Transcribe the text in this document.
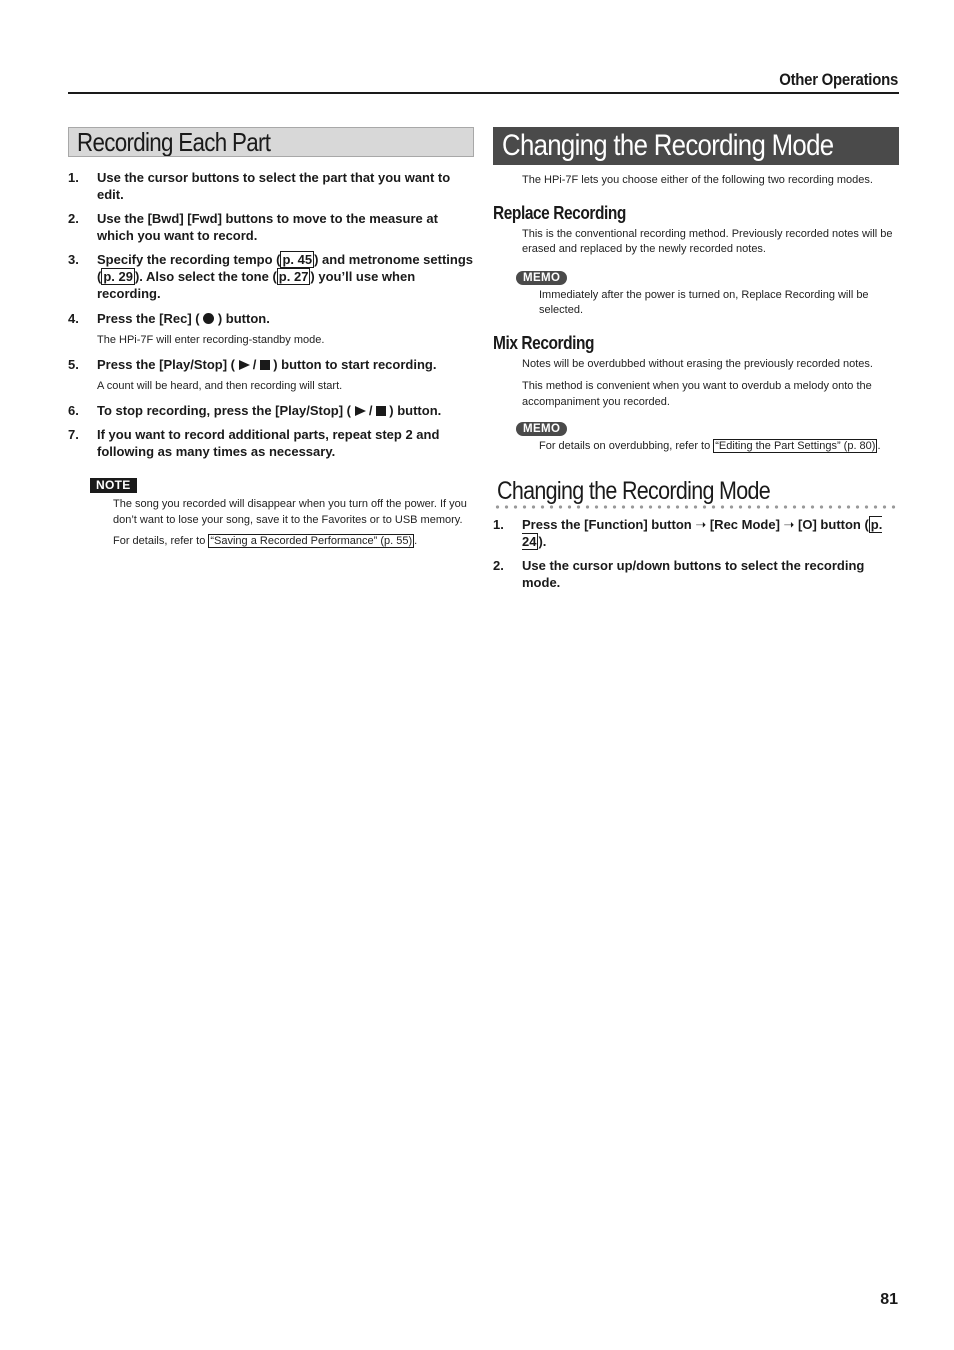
Other Operations
Recording Each Part
1. Use the cursor buttons to select the part that you want to edit.
2. Use the [Bwd] [Fwd] buttons to move to the measure at which you want to record.
3. Specify the recording tempo ( p. 45 ) and metronome settings ( p. 29 ). Also select the tone ( p. 27 ) you’ll use when recording.
4. Press the [Rec] ( ) button.
The HPi-7F will enter recording-standby mode.
5. Press the [Play/Stop] ( / ) button to start recording.
A count will be heard, and then recording will start.
6. To stop recording, press the [Play/Stop] ( / ) button.
7. If you want to record additional parts, repeat step 2 and following as many times as necessary.
NOTE
The song you recorded will disappear when you turn off the power. If you don’t want to lose your song, save it to the Favorites or to USB memory.
For details, refer to “Saving a Recorded Performance” (p. 55) .
Changing the Recording Mode
The HPi-7F lets you choose either of the following two recording modes.
Replace Recording
This is the conventional recording method. Previously recorded notes will be erased and replaced by the newly recorded notes.
MEMO
Immediately after the power is turned on, Replace Recording will be selected.
Mix Recording
Notes will be overdubbed without erasing the previously recorded notes.
This method is convenient when you want to overdub a melody onto the accompaniment you recorded.
MEMO
For details on overdubbing, refer to “Editing the Part Settings” (p. 80) .
Changing the Recording Mode
1. Press the [Function] button ➝ [Rec Mode] ➝ [O] button ( p. 24 ).
2. Use the cursor up/down buttons to select the recording mode.
81
